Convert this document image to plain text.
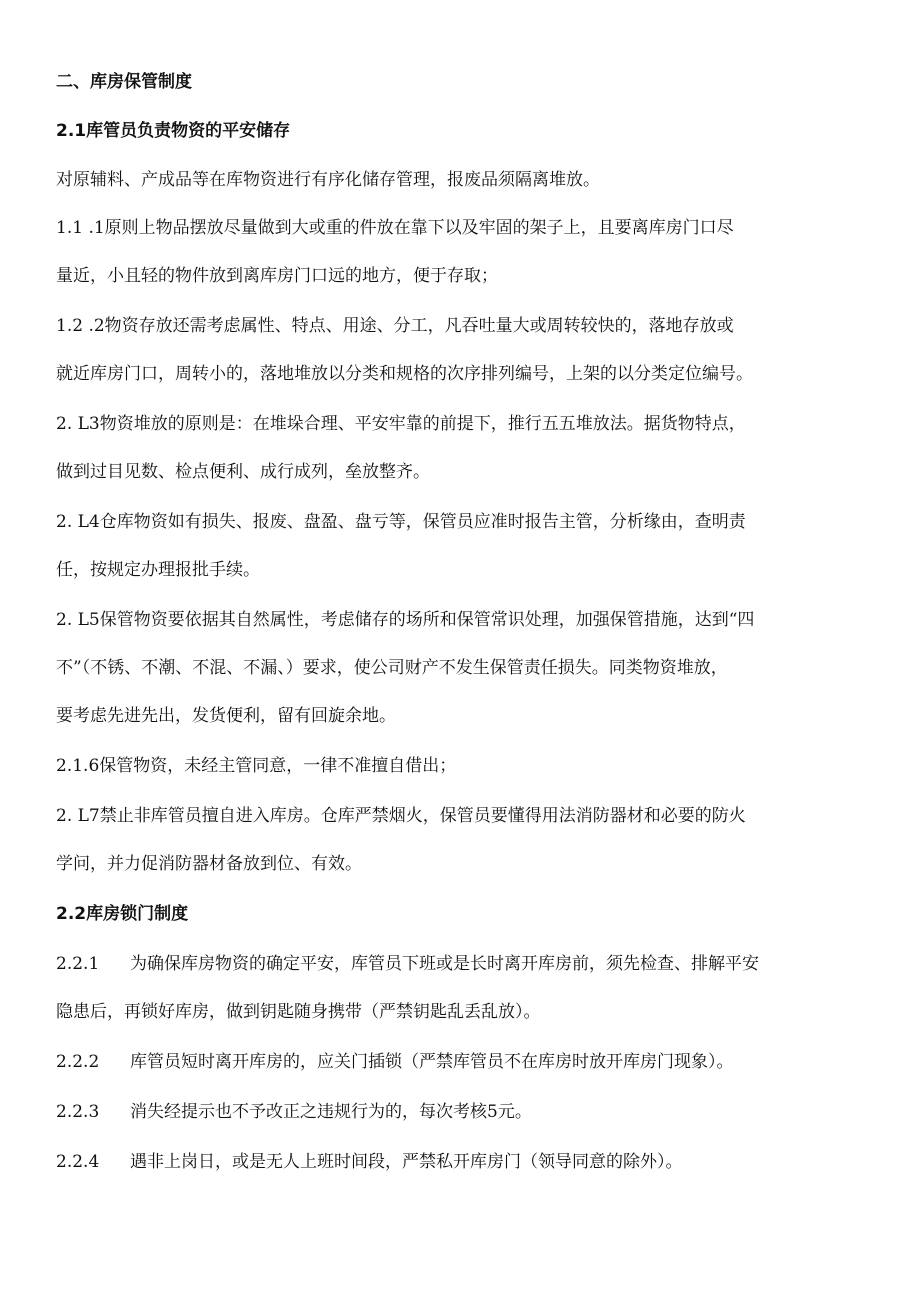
二、库房保管制度
2.1库管员负责物资的平安储存
对原辅料、产成品等在库物资进行有序化储存管理，报废品须隔离堆放。
1.1 .1原则上物品摆放尽量做到大或重的件放在靠下以及牢固的架子上，且要离库房门口尽
量近，小且轻的物件放到离库房门口远的地方，便于存取；
1.2 .2物资存放还需考虑属性、特点、用途、分工，凡吞吐量大或周转较快的，落地存放或
就近库房门口，周转小的，落地堆放以分类和规格的次序排列编号，上架的以分类定位编号。
2. L3物资堆放的原则是：在堆垛合理、平安牢靠的前提下，推行五五堆放法。据货物特点，
做到过目见数、检点便利、成行成列，垒放整齐。
2. L4仓库物资如有损失、报废、盘盈、盘亏等，保管员应准时报告主管，分析缘由，查明责
任，按规定办理报批手续。
2. L5保管物资要依据其自然属性，考虑储存的场所和保管常识处理，加强保管措施，达到“四
不”（不锈、不潮、不混、不漏、）要求，使公司财产不发生保管责任损失。同类物资堆放，
要考虑先进先出，发货便利，留有回旋余地。
2.1.6保管物资，未经主管同意，一律不准擅自借出；
2. L7禁止非库管员擅自进入库房。仓库严禁烟火，保管员要懂得用法消防器材和必要的防火
学问，并力促消防器材备放到位、有效。
2.2库房锁门制度
2.2.1 为确保库房物资的确定平安，库管员下班或是长时离开库房前，须先检查、排解平安
隐患后，再锁好库房，做到钥匙随身携带（严禁钥匙乱丢乱放）。
2.2.2 库管员短时离开库房的，应关门插锁（严禁库管员不在库房时放开库房门现象）。
2.2.3 消失经提示也不予改正之违规行为的，每次考核5元。
2.2.4 遇非上岗日，或是无人上班时间段，严禁私开库房门（领导同意的除外）。
